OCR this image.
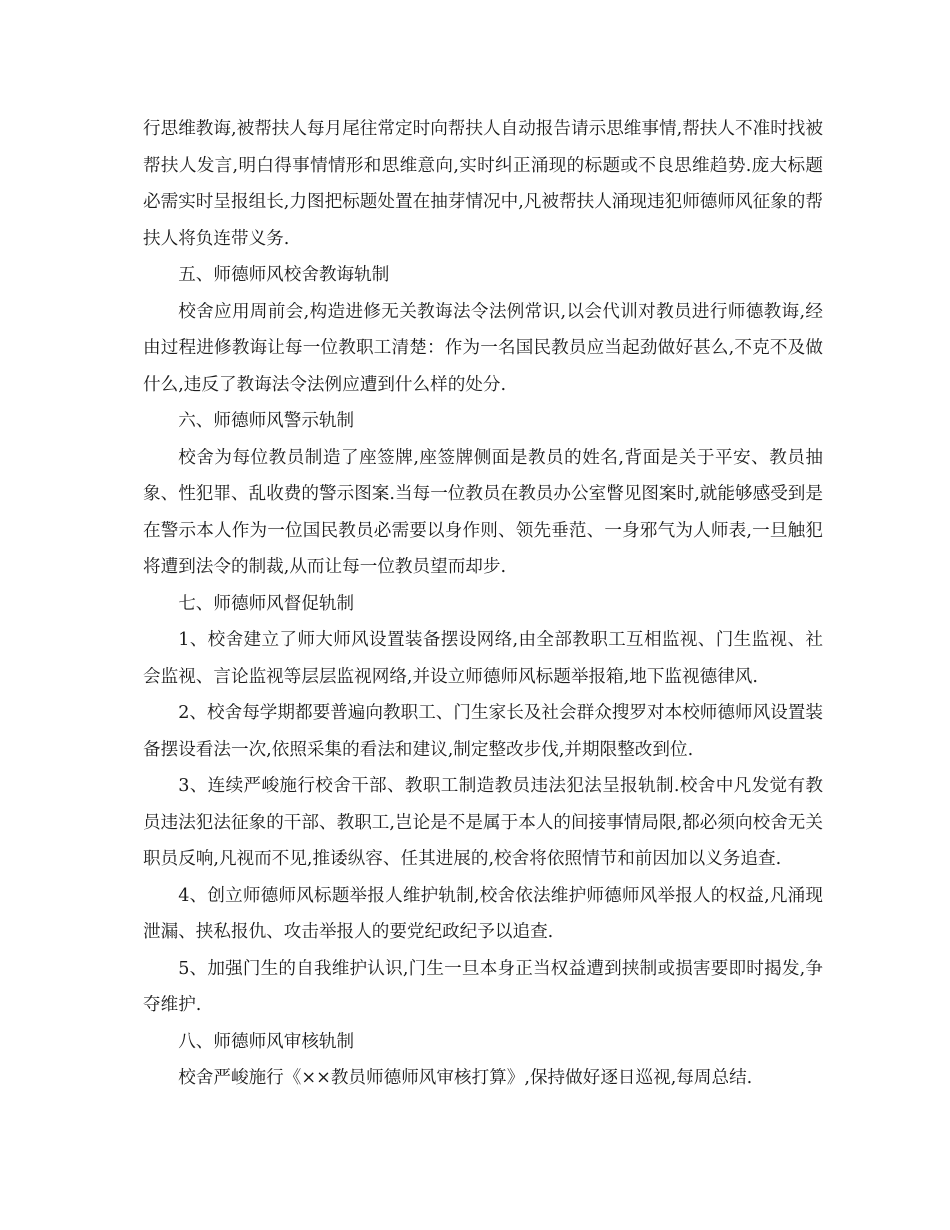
行思维教诲,被帮扶人每月尾往常定时向帮扶人自动报告请示思维事情,帮扶人不准时找被帮扶人发言,明白得事情情形和思维意向,实时纠正涌现的标题或不良思维趋势.庞大标题必需实时呈报组长,力图把标题处置在抽芽情况中,凡被帮扶人涌现违犯师德师风征象的帮扶人将负连带义务.

五、师德师风校舍教诲轨制

校舍应用周前会,构造进修无关教诲法令法例常识,以会代训对教员进行师德教诲,经由过程进修教诲让每一位教职工清楚：作为一名国民教员应当起劲做好甚么,不克不及做什么,违反了教诲法令法例应遭到什么样的处分.

六、师德师风警示轨制

校舍为每位教员制造了座签牌,座签牌侧面是教员的姓名,背面是关于平安、教员抽象、性犯罪、乱收费的警示图案.当每一位教员在教员办公室瞥见图案时,就能够感受到是在警示本人作为一位国民教员必需要以身作则、领先垂范、一身邪气为人师表,一旦触犯将遭到法令的制裁,从而让每一位教员望而却步.

七、师德师风督促轨制

1、校舍建立了师大师风设置装备摆设网络,由全部教职工互相监视、门生监视、社会监视、言论监视等层层监视网络,并设立师德师风标题举报箱,地下监视德律风.

2、校舍每学期都要普遍向教职工、门生家长及社会群众搜罗对本校师德师风设置装备摆设看法一次,依照采集的看法和建议,制定整改步伐,并期限整改到位.

3、连续严峻施行校舍干部、教职工制造教员违法犯法呈报轨制.校舍中凡发觉有教员违法犯法征象的干部、教职工,岂论是不是属于本人的间接事情局限,都必须向校舍无关职员反响,凡视而不见,推诿纵容、任其进展的,校舍将依照情节和前因加以义务追查.

4、创立师德师风标题举报人维护轨制,校舍依法维护师德师风举报人的权益,凡涌现泄漏、挟私报仇、攻击举报人的要党纪政纪予以追查.

5、加强门生的自我维护认识,门生一旦本身正当权益遭到挟制或损害要即时揭发,争夺维护.

八、师德师风审核轨制

校舍严峻施行《××教员师德师风审核打算》,保持做好逐日巡视,每周总结.
